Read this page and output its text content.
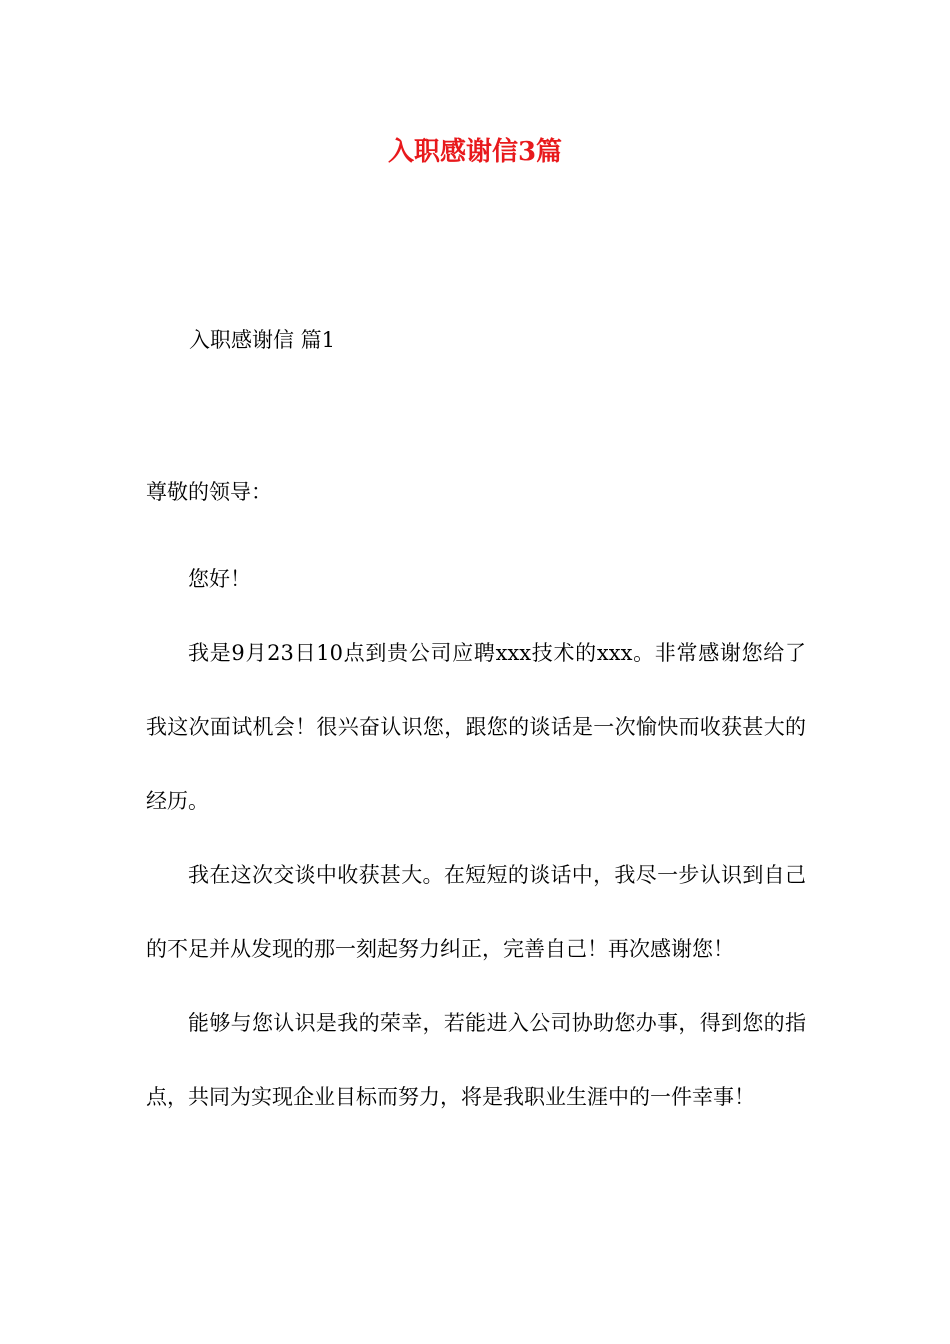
入职感谢信3篇
入职感谢信 篇1
尊敬的领导：

您好！

我是9月23日10点到贵公司应聘xxx技术的xxx。非常感谢您给了我这次面试机会！很兴奋认识您，跟您的谈话是一次愉快而收获甚大的经历。

我在这次交谈中收获甚大。在短短的谈话中，我尽一步认识到自己的不足并从发现的那一刻起努力纠正，完善自己！再次感谢您！

能够与您认识是我的荣幸，若能进入公司协助您办事，得到您的指点，共同为实现企业目标而努力，将是我职业生涯中的一件幸事！
